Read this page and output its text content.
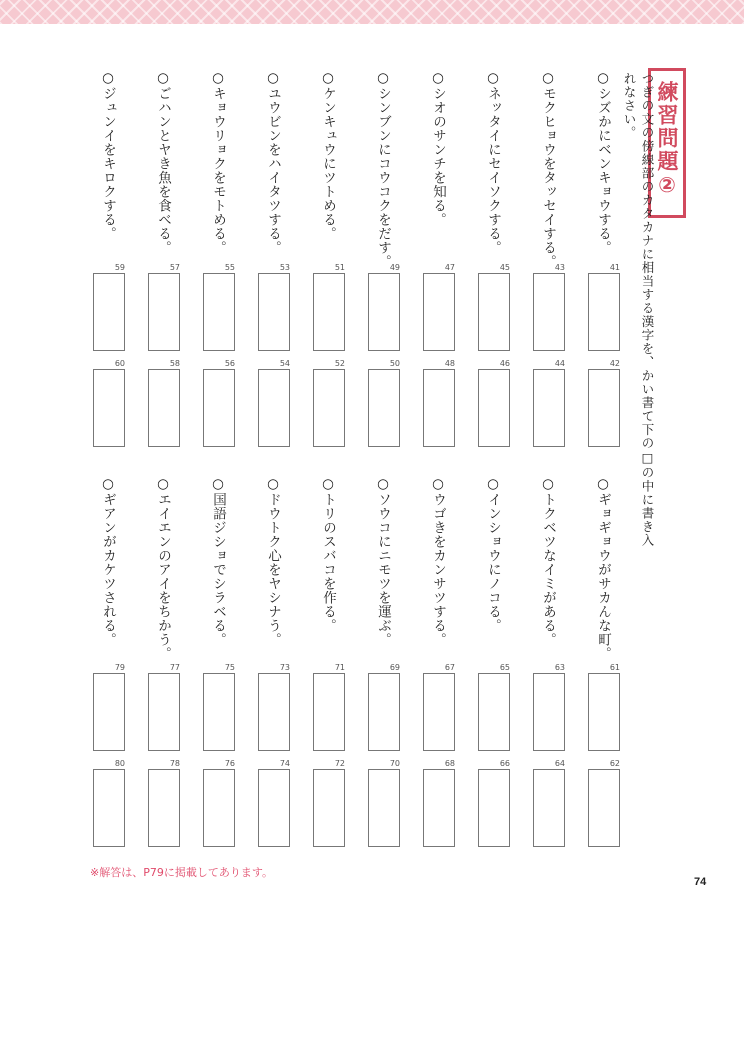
練習問題②
つぎの文の傍線部のカタカナに相当する漢字を、かい書て下の□の中に書き入れなさい。
○シズかにベンキョウする。
○モクヒョウをタッセイする。
○ネッタイにセイソクする。
○シオのサンチを知る。
○シンブンにコウコクをだす。
○ケンキュウにツトめる。
○ユウビンをハイタツする。
○キョウリョクをモトめる。
○ごハンとヤき魚を食べる。
○ジュンイをキロクする。
○ギョギョウがサカんな町。
○トクベツなイミがある。
○インショウにノコる。
○ウゴきをカンサツする。
○ソウコにニモツを運ぶ。
○トリのスバコを作る。
○ドウトク心をヤシナう。
○国語ジショでシラベる。
○エイエンのアイをちかう。
○ギアンがカケツされる。
41
43
45
47
49
51
53
55
57
59
42
44
46
48
50
52
54
56
58
60
61
63
65
67
69
71
73
75
77
79
62
64
66
68
70
72
74
76
78
80
※解答は、P79に掲載してあります。
74
